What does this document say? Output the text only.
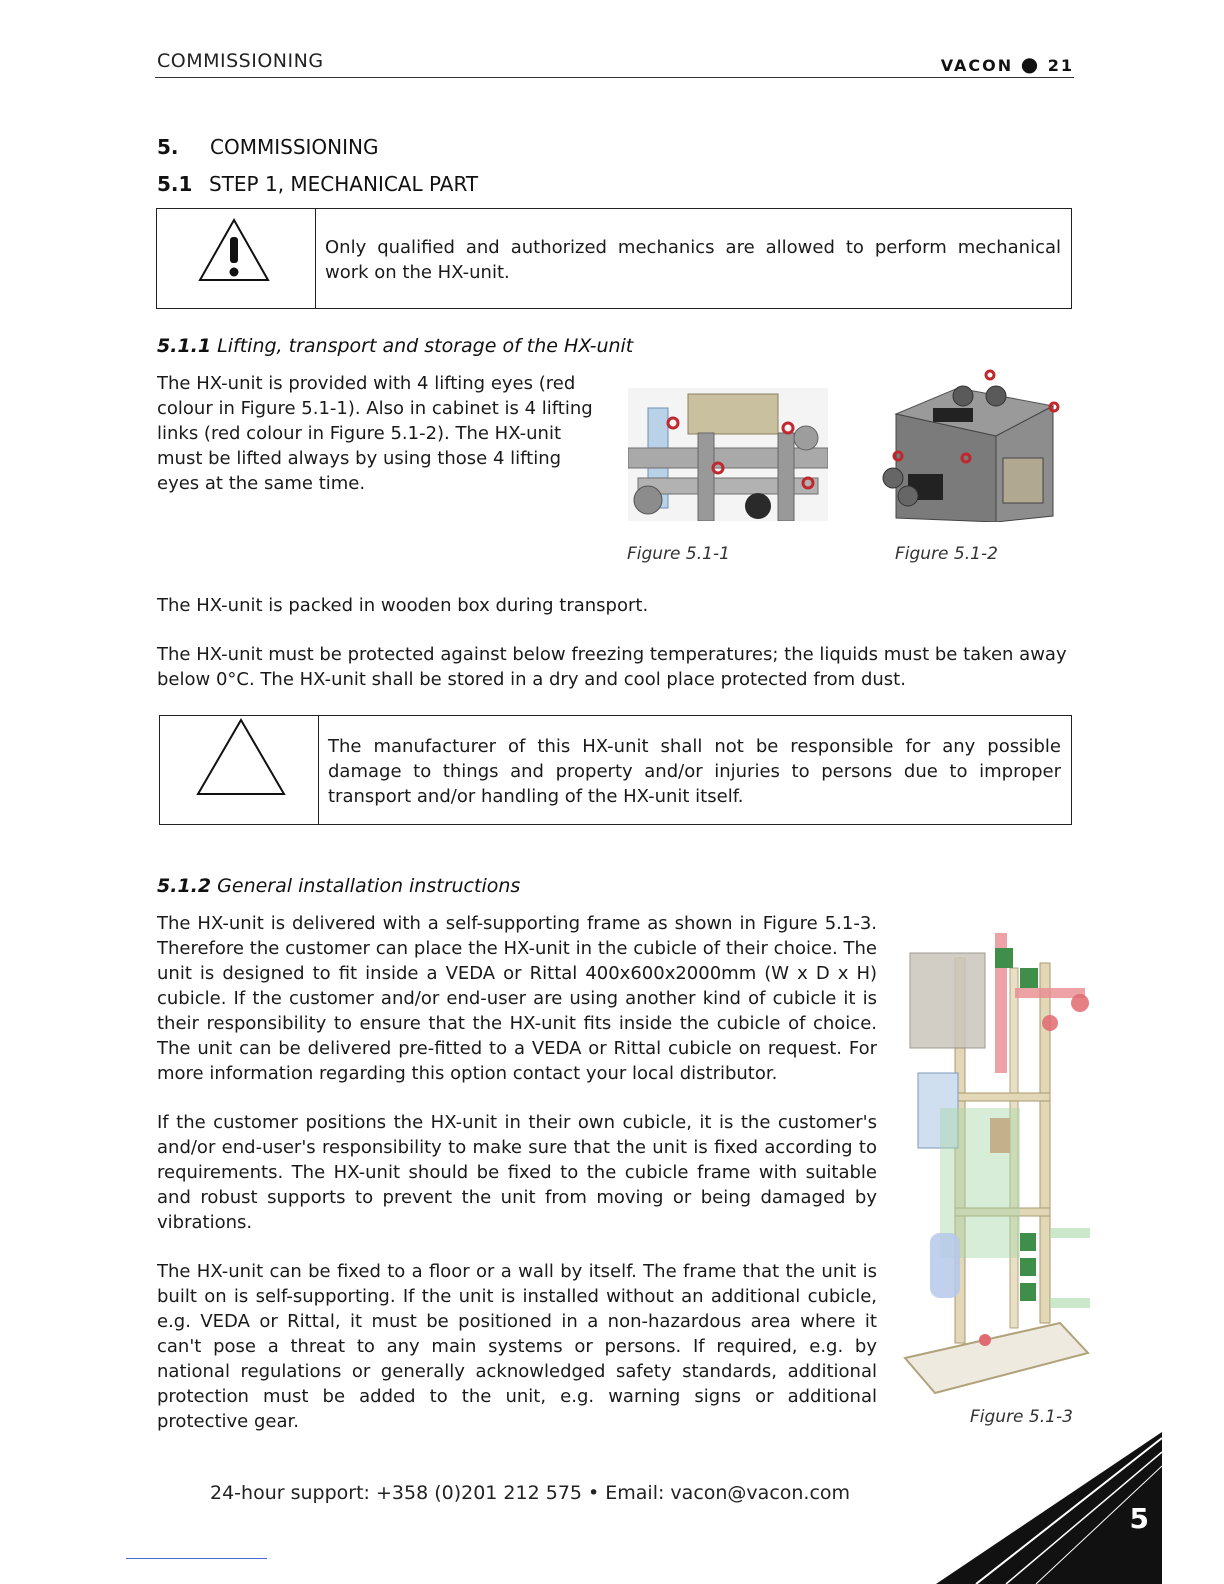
COMMISSIONING	VACON ● 21
5. COMMISSIONING
5.1 STEP 1, MECHANICAL PART
Only qualified and authorized mechanics are allowed to perform mechanical work on the HX-unit.
5.1.1 Lifting, transport and storage of the HX-unit
The HX-unit is provided with 4 lifting eyes (red colour in Figure 5.1-1). Also in cabinet is 4 lifting links (red colour in Figure 5.1-2). The HX-unit must be lifted always by using those 4 lifting eyes at the same time.
Figure 5.1-1	Figure 5.1-2
The HX-unit is packed in wooden box during transport.
The HX-unit must be protected against below freezing temperatures; the liquids must be taken away below 0°C. The HX-unit shall be stored in a dry and cool place protected from dust.
The manufacturer of this HX-unit shall not be responsible for any possible damage to things and property and/or injuries to persons due to improper transport and/or handling of the HX-unit itself.
5.1.2 General installation instructions
The HX-unit is delivered with a self-supporting frame as shown in Figure 5.1-3. Therefore the customer can place the HX-unit in the cubicle of their choice. The unit is designed to fit inside a VEDA or Rittal 400x600x2000mm (W x D x H) cubicle. If the customer and/or end-user are using another kind of cubicle it is their responsibility to ensure that the HX-unit fits inside the cubicle of choice. The unit can be delivered pre-fitted to a VEDA or Rittal cubicle on request. For more information regarding this option contact your local distributor.
If the customer positions the HX-unit in their own cubicle, it is the customer's and/or end-user's responsibility to make sure that the unit is fixed according to requirements. The HX-unit should be fixed to the cubicle frame with suitable and robust supports to prevent the unit from moving or being damaged by vibrations.
The HX-unit can be fixed to a floor or a wall by itself. The frame that the unit is built on is self-supporting. If the unit is installed without an additional cubicle, e.g. VEDA or Rittal, it must be positioned in a non-hazardous area where it can't pose a threat to any main systems or persons. If required, e.g. by national regulations or generally acknowledged safety standards, additional protection must be added to the unit, e.g. warning signs or additional protective gear.	Figure 5.1-3
24-hour support: +358 (0)201 212 575 • Email: vacon@vacon.com
5
